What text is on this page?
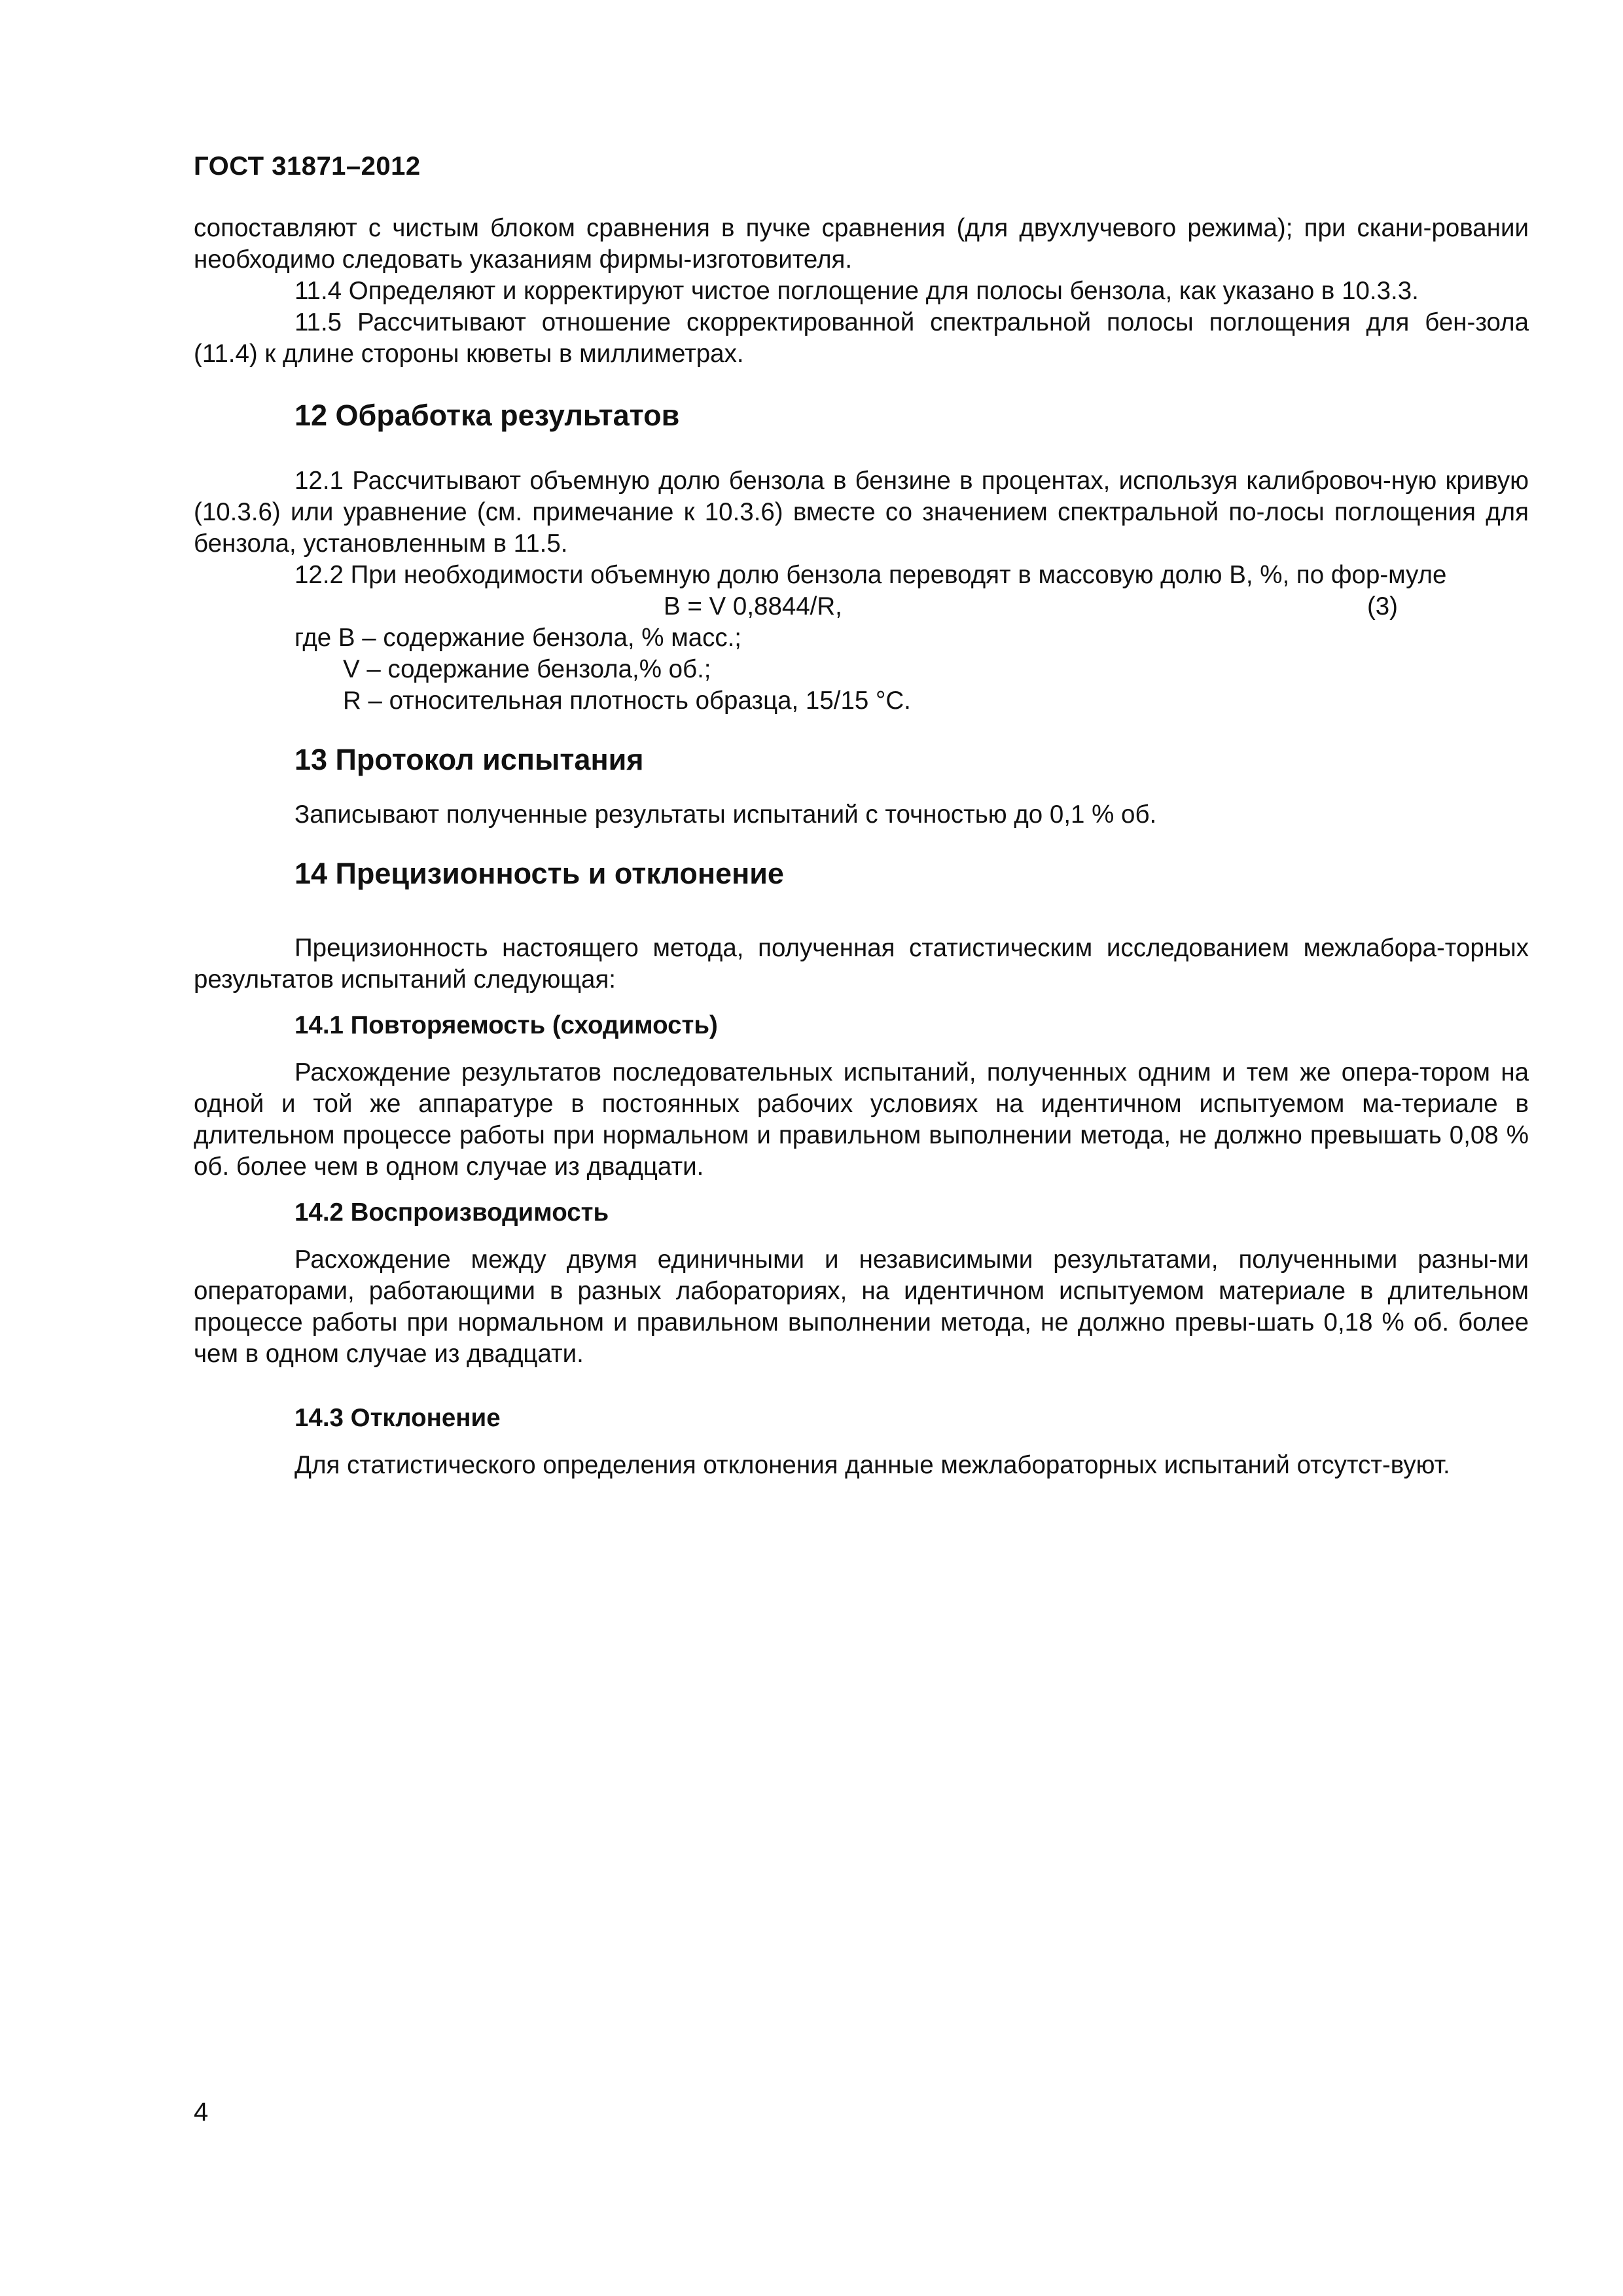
ГОСТ 31871–2012

сопоставляют с чистым блоком сравнения в пучке сравнения (для двухлучевого режима); при скани-ровании необходимо следовать указаниям фирмы-изготовителя.

11.4 Определяют и корректируют чистое поглощение для полосы бензола, как указано в 10.3.3.

11.5 Рассчитывают отношение скорректированной спектральной полосы поглощения для бен-зола (11.4) к длине стороны кюветы в миллиметрах.

12 Обработка результатов

12.1 Рассчитывают объемную долю бензола в бензине в процентах, используя калибровоч-ную кривую (10.3.6) или уравнение (см. примечание к 10.3.6) вместе со значением спектральной по-лосы поглощения для бензола, установленным в 11.5.

12.2 При необходимости объемную долю бензола переводят в массовую долю В, %, по фор-муле

B = V 0,8844/R,	(3)

где B – содержание бензола, % масс.;

V – содержание бензола,% об.;

R – относительная плотность образца, 15/15 °С.

13 Протокол испытания

Записывают полученные результаты испытаний с точностью до 0,1 % об.

14 Прецизионность и отклонение

Прецизионность настоящего метода, полученная статистическим исследованием межлабора-торных результатов испытаний следующая:

14.1 Повторяемость (сходимость)

Расхождение результатов последовательных испытаний, полученных одним и тем же опера-тором на одной и той же аппаратуре в постоянных рабочих условиях на идентичном испытуемом ма-териале в длительном процессе работы при нормальном и правильном выполнении метода, не должно превышать 0,08 % об. более чем в одном случае из двадцати.

14.2 Воспроизводимость

Расхождение между двумя единичными и независимыми результатами, полученными разны-ми операторами, работающими в разных лабораториях, на идентичном испытуемом материале в длительном процессе работы при нормальном и правильном выполнении метода, не должно превы-шать 0,18 % об. более чем в одном случае из двадцати.

14.3 Отклонение

Для статистического определения отклонения данные межлабораторных испытаний отсутст-вуют.

4
